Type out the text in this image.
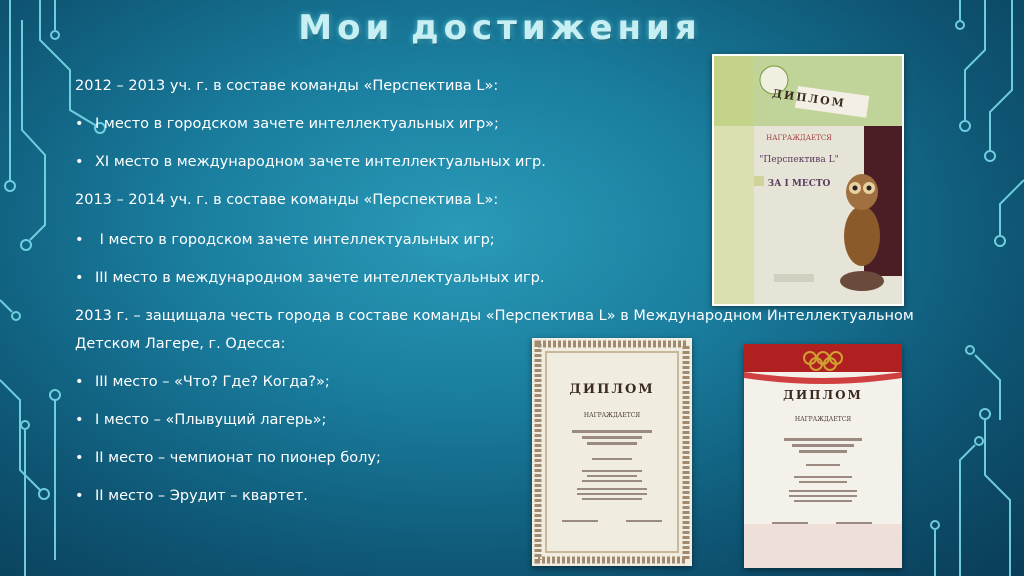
Мои достижения
2012 – 2013 уч. г. в составе команды «Перспектива L»:
• I место в городском зачете интеллектуальных игр»;
• XI место в международном зачете интеллектуальных игр.
2013 – 2014 уч. г. в составе команды «Перспектива L»:
• I место в городском зачете интеллектуальных игр;
• III место в международном зачете интеллектуальных игр.
2013 г. – защищала честь города в составе команды «Перспектива L» в Международном Интеллектуальном
Детском Лагере, г. Одесса:
• III место – «Что? Где? Когда?»;
• I место – «Плывущий лагерь»;
• II место – чемпионат по пионер болу;
• II место – Эрудит – квартет.
ДИПЛОМ
НАГРАЖДАЕТСЯ
"Перспектива L"
ЗА I МЕСТО
ДИПЛОМ
НАГРАЖДАЕТСЯ
ДИПЛОМ
НАГРАЖДАЕТСЯ
